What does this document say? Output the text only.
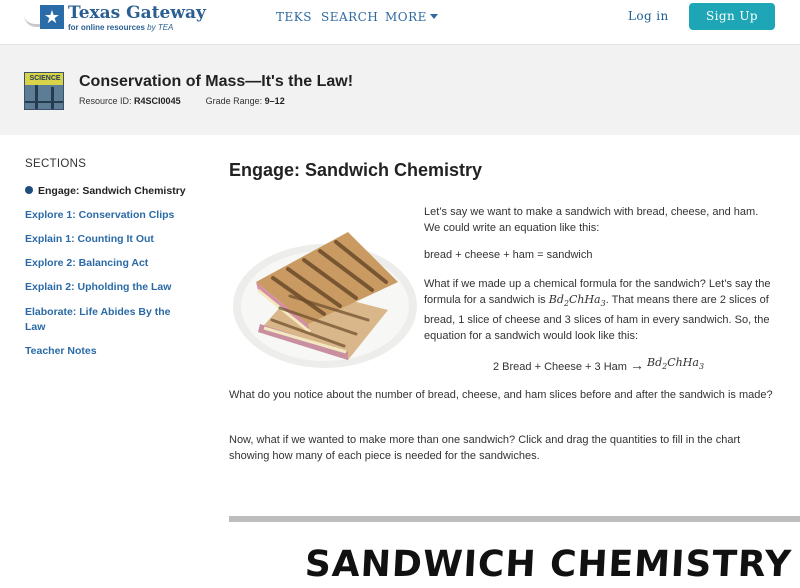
★ Texas Gateway
for online resources by TEA
TEKS SEARCH MORE	Log in	Sign Up
SCIENCE Conservation of Mass—It's the Law!
Resource ID: R4SCI0045	Grade Range: 9–12
SECTIONS
Engage: Sandwich Chemistry
Explore 1: Conservation Clips
Explain 1: Counting It Out
Explore 2: Balancing Act
Explain 2: Upholding the Law
Elaborate: Life Abides By the Law
Teacher Notes
Engage: Sandwich Chemistry
Let’s say we want to make a sandwich with bread, cheese, and ham. We could write an equation like this:
bread + cheese + ham = sandwich
What if we made up a chemical formula for the sandwich? Let’s say the formula for a sandwich is $Bd_2ChHa_3$. That means there are 2 slices of bread, 1 slice of cheese and 3 slices of ham in every sandwich. So, the equation for a sandwich would look like this:
2 Bread + Cheese + 3 Ham → $Bd_2ChHa_3$
What do you notice about the number of bread, cheese, and ham slices before and after the sandwich is made?
Now, what if we wanted to make more than one sandwich? Click and drag the quantities to fill in the chart showing how many of each piece is needed for the sandwiches.
SANDWICH CHEMISTRY
